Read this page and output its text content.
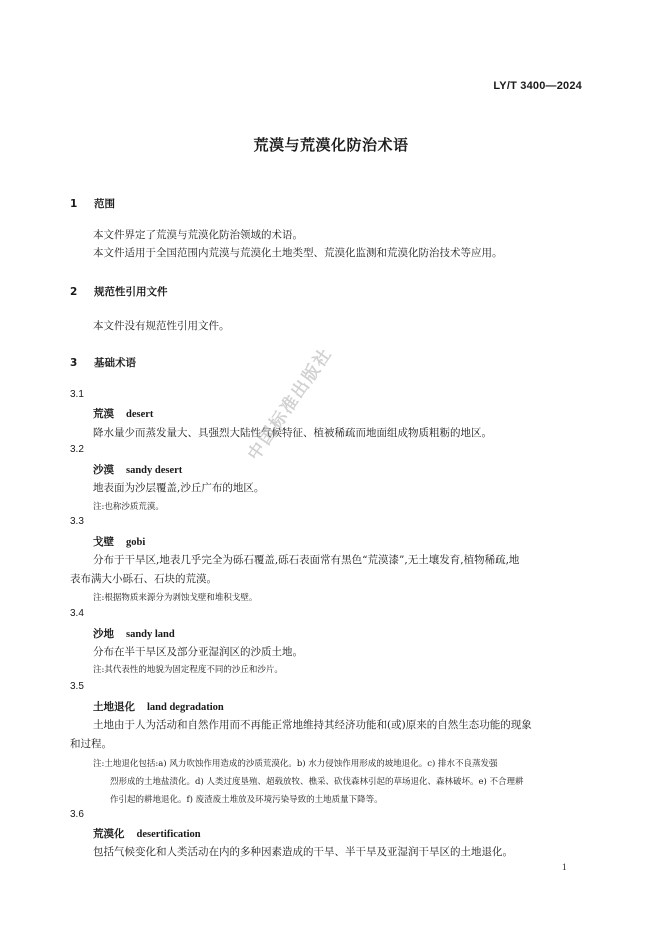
LY/T 3400—2024
荒漠与荒漠化防治术语
1 范围
本文件界定了荒漠与荒漠化防治领域的术语。
本文件适用于全国范围内荒漠与荒漠化土地类型、荒漠化监测和荒漠化防治技术等应用。
2 规范性引用文件
本文件没有规范性引用文件。
3 基础术语
3.1
荒漠 desert
降水量少而蒸发量大、具强烈大陆性气候特征、植被稀疏而地面组成物质粗粝的地区。
3.2
沙漠 sandy desert
地表面为沙层覆盖,沙丘广布的地区。
注:也称沙质荒漠。
3.3
戈壁 gobi
分布于干旱区,地表几乎完全为砾石覆盖,砾石表面常有黑色“荒漠漆”,无土壤发育,植物稀疏,地
表布满大小砾石、石块的荒漠。
注:根据物质来源分为剥蚀戈壁和堆积戈壁。
3.4
沙地 sandy land
分布在半干旱区及部分亚湿润区的沙质土地。
注:其代表性的地貌为固定程度不同的沙丘和沙片。
3.5
土地退化 land degradation
土地由于人为活动和自然作用而不再能正常地维持其经济功能和(或)原来的自然生态功能的现象
和过程。
注:土地退化包括:a) 风力吹蚀作用造成的沙质荒漠化。b) 水力侵蚀作用形成的坡地退化。c) 排水不良蒸发强
烈形成的土地盐渍化。d) 人类过度垦殖、超载放牧、樵采、砍伐森林引起的草场退化、森林破坏。e) 不合理耕
作引起的耕地退化。f) 废渣废土堆放及环境污染导致的土地质量下降等。
3.6
荒漠化 desertification
包括气候变化和人类活动在内的多种因素造成的干旱、半干旱及亚湿润干旱区的土地退化。
1
中国标准出版社
